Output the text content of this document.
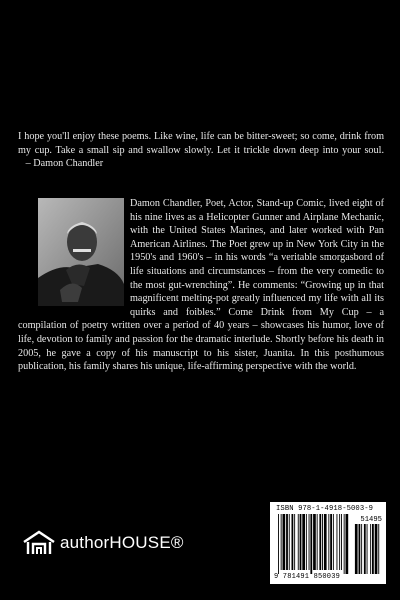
I hope you'll enjoy these poems. Like wine, life can be bitter-sweet; so come, drink from my cup. Take a small sip and swallow slowly. Let it trickle down deep into your soul.    – Damon Chandler

Damon Chandler, Poet, Actor, Stand-up Comic, lived eight of his nine lives as a Helicopter Gunner and Airplane Mechanic, with the United States Marines, and later worked with Pan American Airlines. The Poet grew up in New York City in the 1950's and 1960's – in his words “a veritable smorgasbord of life situations and circumstances – from the very comedic to the most gut-wrenching”. He comments: “Growing up in that magnificent melting-pot greatly influenced my life with all its quirks and foibles.” Come Drink from My Cup – a compilation of poetry written over a period of 40 years – showcases his humor, love of life, devotion to family and passion for the dramatic interlude. Shortly before his death in 2005, he gave a copy of his manuscript to his sister, Juanita. In this posthumous publication, his family shares his unique, life-affirming perspective with the world.

authorHOUSE®
ISBN 978-1-4918-5003-9
51495
9 781491 850039
